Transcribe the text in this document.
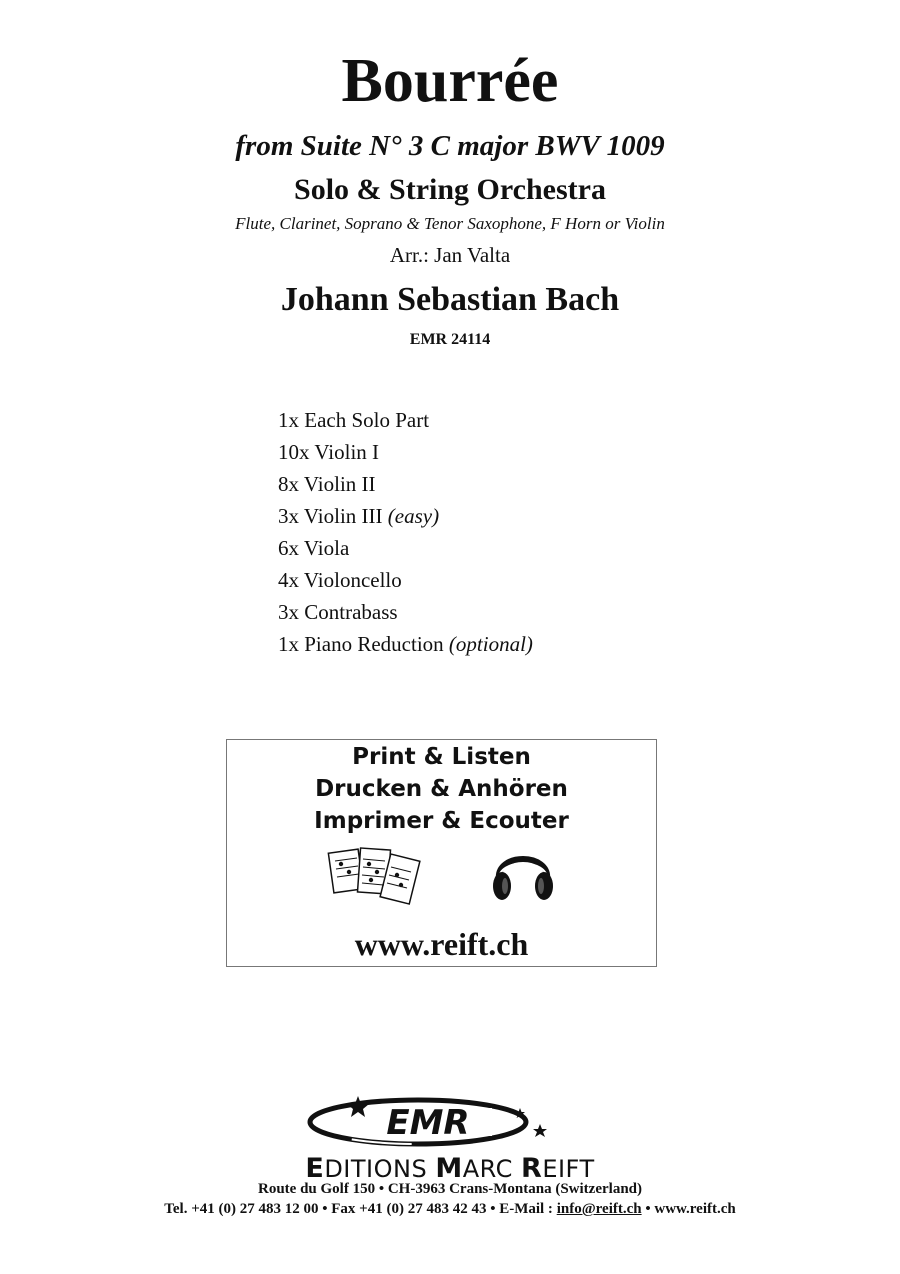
Bourrée
from Suite N° 3 C major BWV 1009
Solo & String Orchestra
Flute, Clarinet, Soprano & Tenor Saxophone, F Horn or Violin
Arr.: Jan Valta
Johann Sebastian Bach
EMR 24114
1x Each Solo Part
10x Violin I
8x Violin II
3x Violin III (easy)
6x Viola
4x Violoncello
3x Contrabass
1x Piano Reduction (optional)
Print & Listen
Drucken & Anhören
Imprimer & Ecouter
www.reift.ch
EMR
EDITIONS MARC REIFT
Route du Golf 150 • CH-3963 Crans-Montana (Switzerland)
Tel. +41 (0) 27 483 12 00 • Fax +41 (0) 27 483 42 43 • E-Mail : info@reift.ch • www.reift.ch
